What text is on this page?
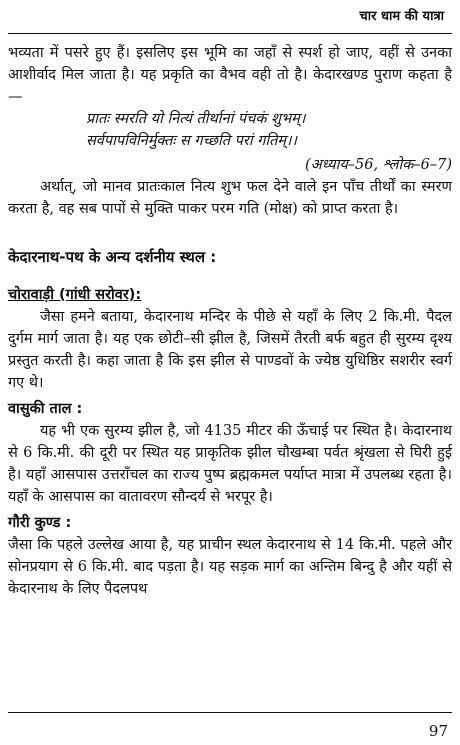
चार धाम की यात्रा

भव्यता में पसरे हुए हैं। इसलिए इस भूमि का जहाँ से स्पर्श हो जाए, वहीं से उनका आशीर्वाद मिल जाता है। यह प्रकृति का वैभव वही तो है। केदारखण्ड पुराण कहता है —

प्रातः स्मरति यो नित्यं तीर्थानां पंचकं शुभम्।

सर्वपापविनिर्मुक्तः स गच्छति परां गतिम्।।

(अध्याय–56, श्लोक–6–7)

अर्थात्, जो मानव प्रातःकाल नित्य शुभ फल देने वाले इन पाँच तीर्थों का स्मरण करता है, वह सब पापों से मुक्ति पाकर परम गति (मोक्ष) को प्राप्त करता है।

केदारनाथ-पथ के अन्य दर्शनीय स्थल :
चोरावाड़ी (गांधी सरोवर):

जैसा हमने बताया, केदारनाथ मन्दिर के पीछे से यहाँ के लिए 2 कि.मी. पैदल दुर्गम मार्ग जाता है। यह एक छोटी–सी झील है, जिसमें तैरती बर्फ बहुत ही सुरम्य दृश्य प्रस्तुत करती है। कहा जाता है कि इस झील से पाण्डवों के ज्येष्ठ युधिष्ठिर सशरीर स्वर्ग गए थे।

वासुकी ताल :

यह भी एक सुरम्य झील है, जो 4135 मीटर की ऊँचाई पर स्थित है। केदारनाथ से 6 कि.मी. की दूरी पर स्थित यह प्राकृतिक झील चौखम्बा पर्वत श्रृंखला से घिरी हुई है। यहाँ आसपास उत्तराँचल का राज्य पुष्प ब्रह्मकमल पर्याप्त मात्रा में उपलब्ध रहता है। यहाँ के आसपास का वातावरण सौन्दर्य से भरपूर है।

गौरी कुण्ड :

जैसा कि पहले उल्लेख आया है, यह प्राचीन स्थल केदारनाथ से 14 कि.मी. पहले और सोनप्रयाग से 6 कि.मी. बाद पड़ता है। यह सड़क मार्ग का अन्तिम बिन्दु है और यहीं से केदारनाथ के लिए पैदलपथ

97
